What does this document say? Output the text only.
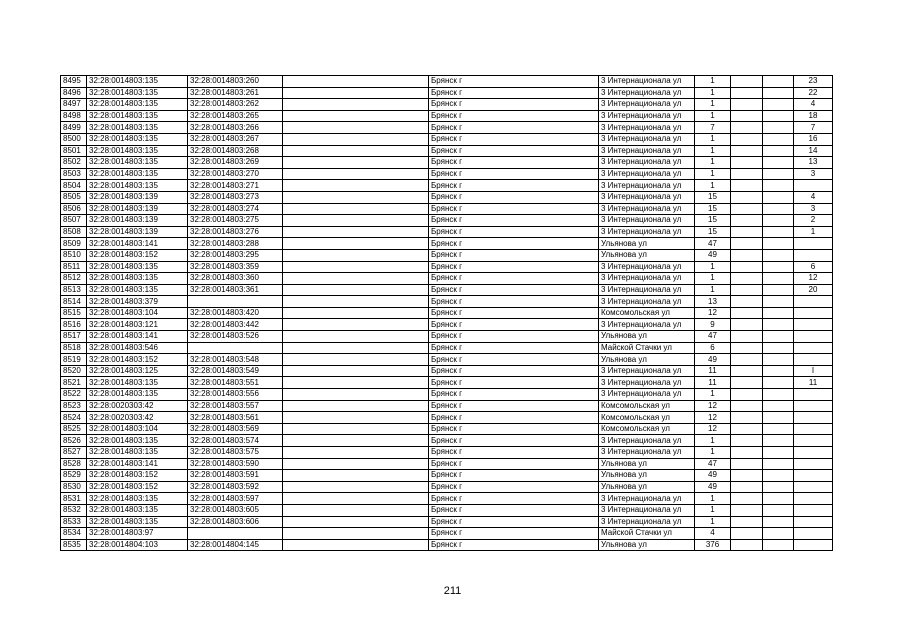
8495	32:28:0014803:135	32:28:0014803:260		Брянск г	3 Интернационала ул	1			23
8496	32:28:0014803:135	32:28:0014803:261		Брянск г	3 Интернационала ул	1			22
8497	32:28:0014803:135	32:28:0014803:262		Брянск г	3 Интернационала ул	1			4
8498	32:28:0014803:135	32:28:0014803:265		Брянск г	3 Интернационала ул	1			18
8499	32:28:0014803:135	32:28:0014803:266		Брянск г	3 Интернационала ул	7			7
8500	32:28:0014803:135	32:28:0014803:267		Брянск г	3 Интернационала ул	1			16
8501	32:28:0014803:135	32:28:0014803:268		Брянск г	3 Интернационала ул	1			14
8502	32:28:0014803:135	32:28:0014803:269		Брянск г	3 Интернационала ул	1			13
8503	32:28:0014803:135	32:28:0014803:270		Брянск г	3 Интернационала ул	1			3
8504	32:28:0014803:135	32:28:0014803:271		Брянск г	3 Интернационала ул	1			
8505	32:28:0014803:139	32:28:0014803:273		Брянск г	3 Интернационала ул	15			4
8506	32:28:0014803:139	32:28:0014803:274		Брянск г	3 Интернационала ул	15			3
8507	32:28:0014803:139	32:28:0014803:275		Брянск г	3 Интернационала ул	15			2
8508	32:28:0014803:139	32:28:0014803:276		Брянск г	3 Интернационала ул	15			1
8509	32:28:0014803:141	32:28:0014803:288		Брянск г	Ульянова ул	47			
8510	32:28:0014803:152	32:28:0014803:295		Брянск г	Ульянова ул	49			
8511	32:28:0014803:135	32:28:0014803:359		Брянск г	3 Интернационала ул	1			6
8512	32:28:0014803:135	32:28:0014803:360		Брянск г	3 Интернационала ул	1			12
8513	32:28:0014803:135	32:28:0014803:361		Брянск г	3 Интернационала ул	1			20
8514	32:28:0014803:379			Брянск г	3 Интернационала ул	13			
8515	32:28:0014803:104	32:28:0014803:420		Брянск г	Комсомольская ул	12			
8516	32:28:0014803:121	32:28:0014803:442		Брянск г	3 Интернационала ул	9			
8517	32:28:0014803:141	32:28:0014803:526		Брянск г	Ульянова ул	47			
8518	32:28:0014803:546			Брянск г	Майской Стачки ул	6			
8519	32:28:0014803:152	32:28:0014803:548		Брянск г	Ульянова ул	49			
8520	32:28:0014803:125	32:28:0014803:549		Брянск г	3 Интернационала ул	11			I
8521	32:28:0014803:135	32:28:0014803:551		Брянск г	3 Интернационала ул	11			11
8522	32:28:0014803:135	32:28:0014803:556		Брянск г	3 Интернационала ул	1			
8523	32:28:0020303:42	32:28:0014803:557		Брянск г	Комсомольская ул	12			
8524	32:28:0020303:42	32:28:0014803:561		Брянск г	Комсомольская ул	12			
8525	32:28:0014803:104	32:28:0014803:569		Брянск г	Комсомольская ул	12			
8526	32:28:0014803:135	32:28:0014803:574		Брянск г	3 Интернационала ул	1			
8527	32:28:0014803:135	32:28:0014803:575		Брянск г	3 Интернационала ул	1			
8528	32:28:0014803:141	32:28:0014803:590		Брянск г	Ульянова ул	47			
8529	32:28:0014803:152	32:28:0014803:591		Брянск г	Ульянова ул	49			
8530	32:28:0014803:152	32:28:0014803:592		Брянск г	Ульянова ул	49			
8531	32:28:0014803:135	32:28:0014803:597		Брянск г	3 Интернационала ул	1			
8532	32:28:0014803:135	32:28:0014803:605		Брянск г	3 Интернационала ул	1			
8533	32:28:0014803:135	32:28:0014803:606		Брянск г	3 Интернационала ул	1			
8534	32:28:0014803:97			Брянск г	Майской Стачки ул	4			
8535	32:28:0014804:103	32:28:0014804:145		Брянск г	Ульянова ул	376			
211
